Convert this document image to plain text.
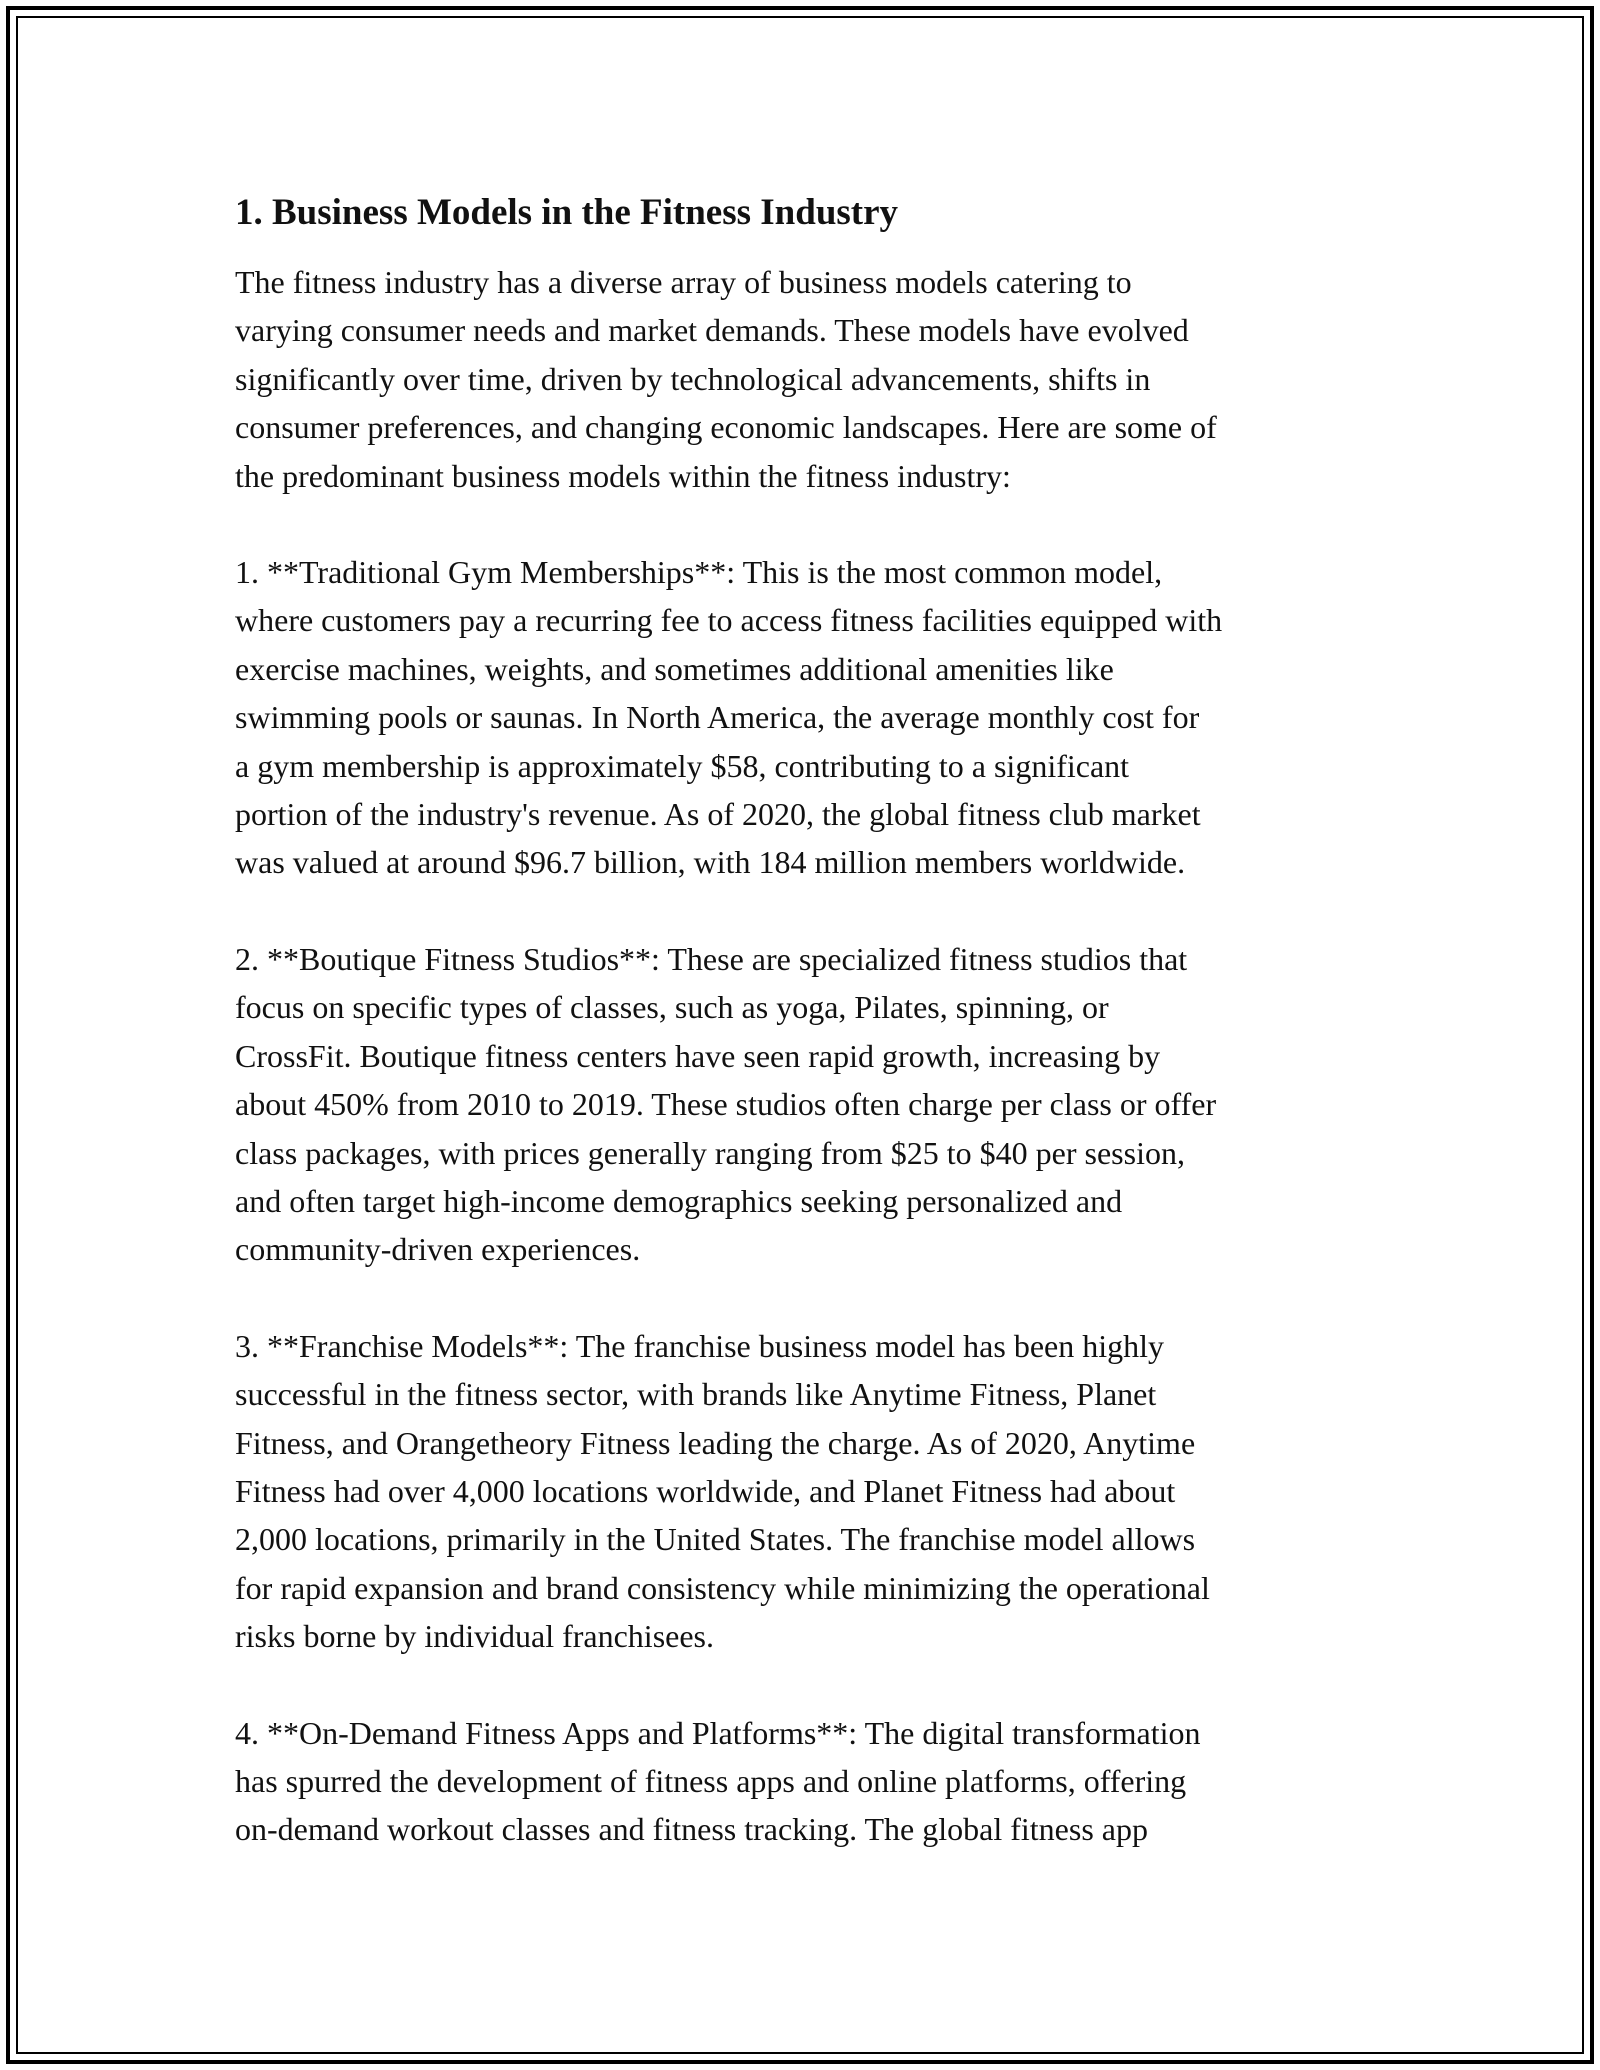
1. Business Models in the Fitness Industry

The fitness industry has a diverse array of business models catering to
varying consumer needs and market demands. These models have evolved
significantly over time, driven by technological advancements, shifts in
consumer preferences, and changing economic landscapes. Here are some of
the predominant business models within the fitness industry:

1. **Traditional Gym Memberships**: This is the most common model,
where customers pay a recurring fee to access fitness facilities equipped with
exercise machines, weights, and sometimes additional amenities like
swimming pools or saunas. In North America, the average monthly cost for
a gym membership is approximately $58, contributing to a significant
portion of the industry's revenue. As of 2020, the global fitness club market
was valued at around $96.7 billion, with 184 million members worldwide.

2. **Boutique Fitness Studios**: These are specialized fitness studios that
focus on specific types of classes, such as yoga, Pilates, spinning, or
CrossFit. Boutique fitness centers have seen rapid growth, increasing by
about 450% from 2010 to 2019. These studios often charge per class or offer
class packages, with prices generally ranging from $25 to $40 per session,
and often target high-income demographics seeking personalized and
community-driven experiences.

3. **Franchise Models**: The franchise business model has been highly
successful in the fitness sector, with brands like Anytime Fitness, Planet
Fitness, and Orangetheory Fitness leading the charge. As of 2020, Anytime
Fitness had over 4,000 locations worldwide, and Planet Fitness had about
2,000 locations, primarily in the United States. The franchise model allows
for rapid expansion and brand consistency while minimizing the operational
risks borne by individual franchisees.

4. **On-Demand Fitness Apps and Platforms**: The digital transformation
has spurred the development of fitness apps and online platforms, offering
on-demand workout classes and fitness tracking. The global fitness app
